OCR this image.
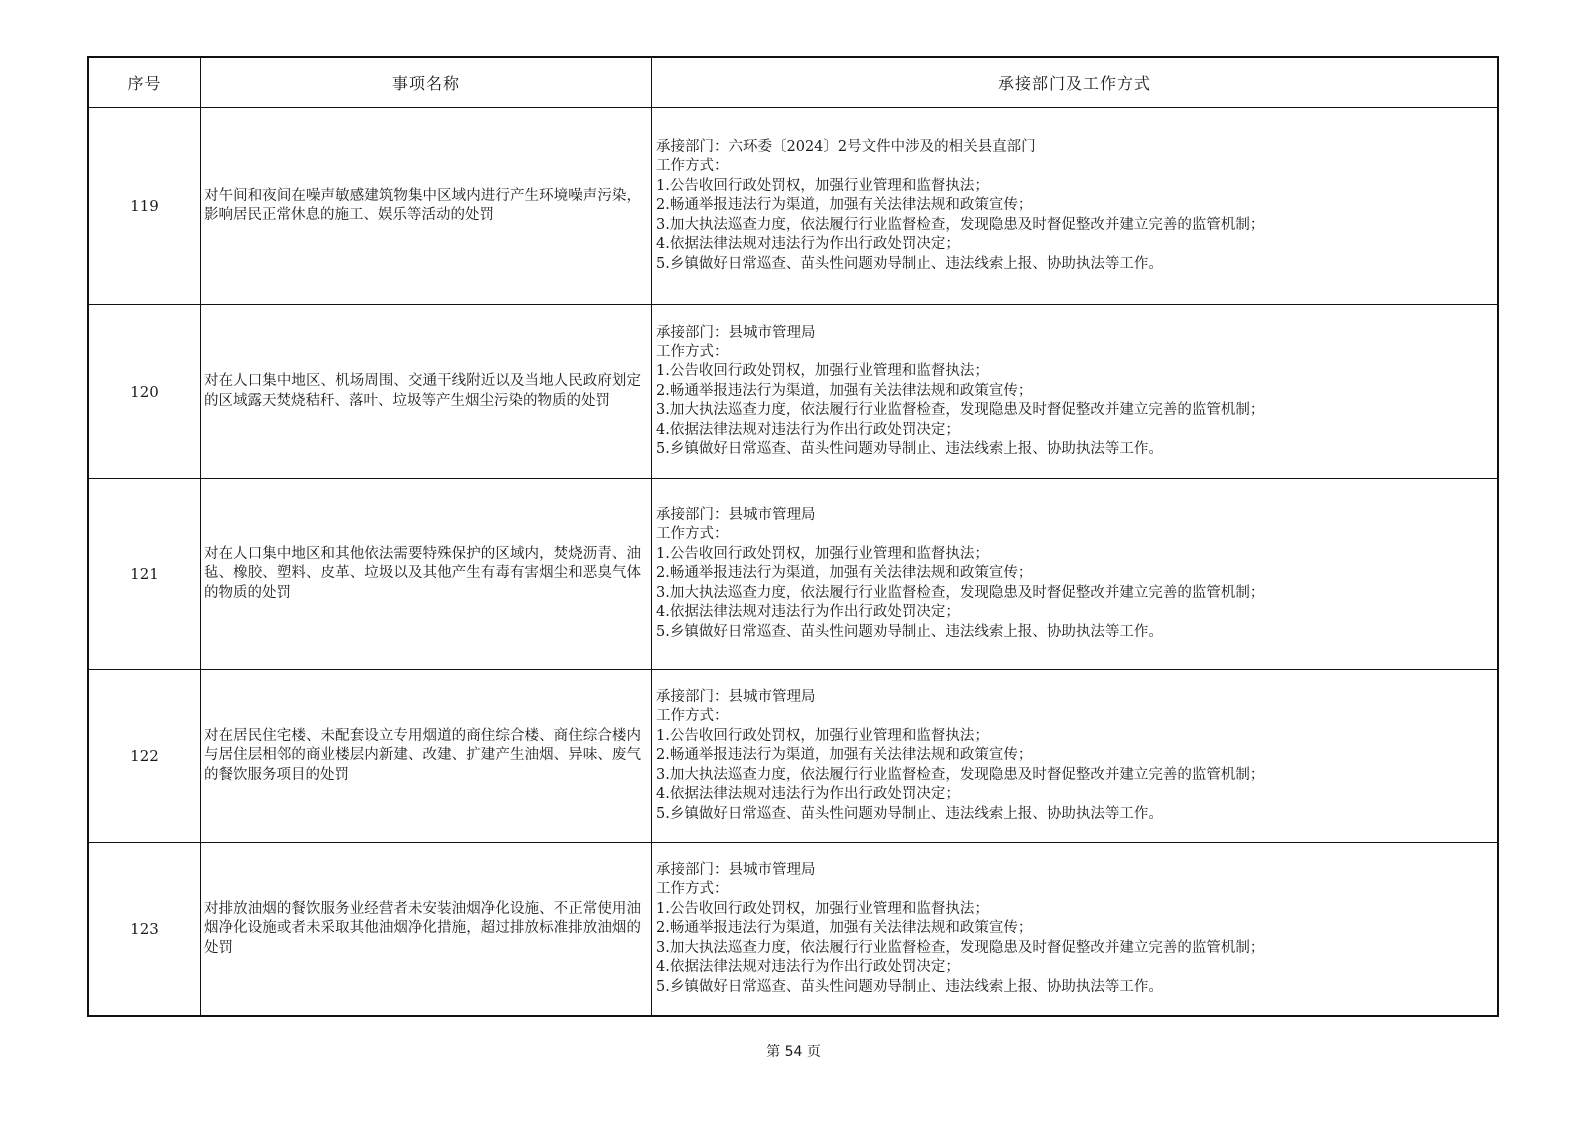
序号	事项名称	承接部门及工作方式
119
对午间和夜间在噪声敏感建筑物集中区域内进行产生环境噪声污染，影响居民正常休息的施工、娱乐等活动的处罚
承接部门：六环委〔2024〕2号文件中涉及的相关县直部门
工作方式：
1.公告收回行政处罚权，加强行业管理和监督执法；
2.畅通举报违法行为渠道，加强有关法律法规和政策宣传；
3.加大执法巡查力度，依法履行行业监督检查，发现隐患及时督促整改并建立完善的监管机制；
4.依据法律法规对违法行为作出行政处罚决定；
5.乡镇做好日常巡查、苗头性问题劝导制止、违法线索上报、协助执法等工作。
120
对在人口集中地区、机场周围、交通干线附近以及当地人民政府划定的区域露天焚烧秸秆、落叶、垃圾等产生烟尘污染的物质的处罚
承接部门：县城市管理局
工作方式：
1.公告收回行政处罚权，加强行业管理和监督执法；
2.畅通举报违法行为渠道，加强有关法律法规和政策宣传；
3.加大执法巡查力度，依法履行行业监督检查，发现隐患及时督促整改并建立完善的监管机制；
4.依据法律法规对违法行为作出行政处罚决定；
5.乡镇做好日常巡查、苗头性问题劝导制止、违法线索上报、协助执法等工作。
121
对在人口集中地区和其他依法需要特殊保护的区域内，焚烧沥青、油毡、橡胶、塑料、皮革、垃圾以及其他产生有毒有害烟尘和恶臭气体的物质的处罚
承接部门：县城市管理局
工作方式：
1.公告收回行政处罚权，加强行业管理和监督执法；
2.畅通举报违法行为渠道，加强有关法律法规和政策宣传；
3.加大执法巡查力度，依法履行行业监督检查，发现隐患及时督促整改并建立完善的监管机制；
4.依据法律法规对违法行为作出行政处罚决定；
5.乡镇做好日常巡查、苗头性问题劝导制止、违法线索上报、协助执法等工作。
122
对在居民住宅楼、未配套设立专用烟道的商住综合楼、商住综合楼内与居住层相邻的商业楼层内新建、改建、扩建产生油烟、异味、废气的餐饮服务项目的处罚
承接部门：县城市管理局
工作方式：
1.公告收回行政处罚权，加强行业管理和监督执法；
2.畅通举报违法行为渠道，加强有关法律法规和政策宣传；
3.加大执法巡查力度，依法履行行业监督检查，发现隐患及时督促整改并建立完善的监管机制；
4.依据法律法规对违法行为作出行政处罚决定；
5.乡镇做好日常巡查、苗头性问题劝导制止、违法线索上报、协助执法等工作。
123
对排放油烟的餐饮服务业经营者未安装油烟净化设施、不正常使用油烟净化设施或者未采取其他油烟净化措施，超过排放标准排放油烟的处罚
承接部门：县城市管理局
工作方式：
1.公告收回行政处罚权，加强行业管理和监督执法；
2.畅通举报违法行为渠道，加强有关法律法规和政策宣传；
3.加大执法巡查力度，依法履行行业监督检查，发现隐患及时督促整改并建立完善的监管机制；
4.依据法律法规对违法行为作出行政处罚决定；
5.乡镇做好日常巡查、苗头性问题劝导制止、违法线索上报、协助执法等工作。
第 54 页
